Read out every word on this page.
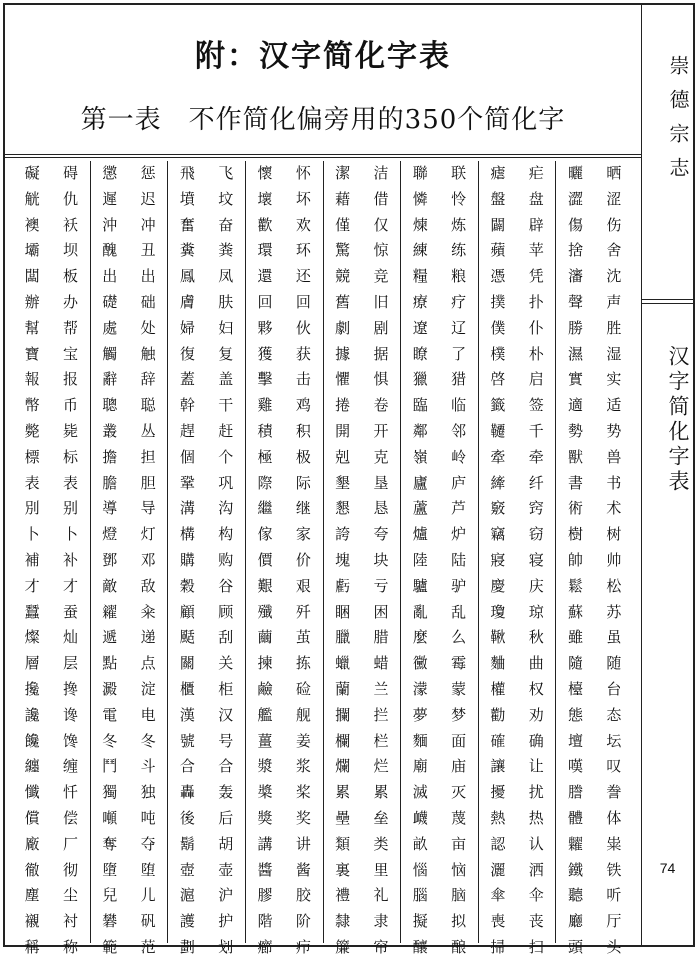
附：汉字简化字表
第一表　不作简化偏旁用的350个简化字
碍
仇
袄
坝
板
办
帮
宝
报
币
毙
标
表
别
卜
补
才
蚕
灿
层
搀
谗
馋
缠
忏
偿
厂
彻
尘
衬
称
礙
觥
襖
壩
闆
辦
幫
寶
報
幣
斃
標
表
別
卜
補
才
蠶
燦
層
攙
讒
饞
纏
懺
償
廠
徹
塵
襯
稱
惩
迟
冲
丑
出
础
处
触
辞
聪
丛
担
胆
导
灯
邓
敌
籴
递
点
淀
电
冬
斗
独
吨
夺
堕
儿
矾
范
懲
遲
沖
醜
出
礎
處
觸
辭
聰
叢
擔
膽
導
燈
鄧
敵
糴
遞
點
澱
電
冬
鬥
獨
噸
奪
墮
兒
礬
範
飞
坟
奋
粪
凤
肤
妇
复
盖
干
赶
个
巩
沟
构
购
谷
顾
刮
关
柜
汉
号
合
轰
后
胡
壶
沪
护
划
飛
墳
奮
糞
鳳
膚
婦
復
蓋
幹
趕
個
鞏
溝
構
購
穀
顧
颳
關
櫃
漢
號
合
轟
後
鬍
壺
滬
護
劃
怀
坏
欢
环
还
回
伙
获
击
鸡
积
极
际
继
家
价
艰
歼
茧
拣
硷
舰
姜
浆
桨
奖
讲
酱
胶
阶
疖
懷
壞
歡
環
還
回
夥
獲
擊
雞
積
極
際
繼
傢
價
艱
殲
繭
揀
鹼
艦
薑
漿
槳
獎
講
醬
膠
階
癤
洁
借
仅
惊
竞
旧
剧
据
惧
卷
开
克
垦
恳
夸
块
亏
困
腊
蜡
兰
拦
栏
烂
累
垒
类
里
礼
隶
帘
潔
藉
僅
驚
競
舊
劇
據
懼
捲
開
剋
墾
懇
誇
塊
虧
睏
臘
蠟
蘭
攔
欄
爛
累
壘
類
裏
禮
隸
簾
联
怜
炼
练
粮
疗
辽
了
猎
临
邻
岭
庐
芦
炉
陆
驴
乱
么
霉
蒙
梦
面
庙
灭
蔑
亩
恼
脑
拟
酿
聯
憐
煉
練
糧
療
遼
瞭
獵
臨
鄰
嶺
廬
蘆
爐
陸
驢
亂
麼
黴
濛
夢
麵
廟
滅
衊
畝
惱
腦
擬
釀
疟
盘
辟
苹
凭
扑
仆
朴
启
签
千
牵
纤
窍
窃
寝
庆
琼
秋
曲
权
劝
确
让
扰
热
认
洒
伞
丧
扫
瘧
盤
闢
蘋
憑
撲
僕
樸
啓
籤
韆
牽
縴
竅
竊
寢
慶
瓊
鞦
麯
權
勸
確
讓
擾
熱
認
灑
傘
喪
掃
晒
涩
伤
舍
沈
声
胜
湿
实
适
势
兽
书
术
树
帅
松
苏
虽
随
台
态
坛
叹
誊
体
粜
铁
听
厅
头
曬
澀
傷
捨
瀋
聲
勝
濕
實
適
勢
獸
書
術
樹
帥
鬆
蘇
雖
隨
檯
態
壇
嘆
謄
體
糶
鐵
聽
廳
頭
崇德宗志
汉字简化字表
74
